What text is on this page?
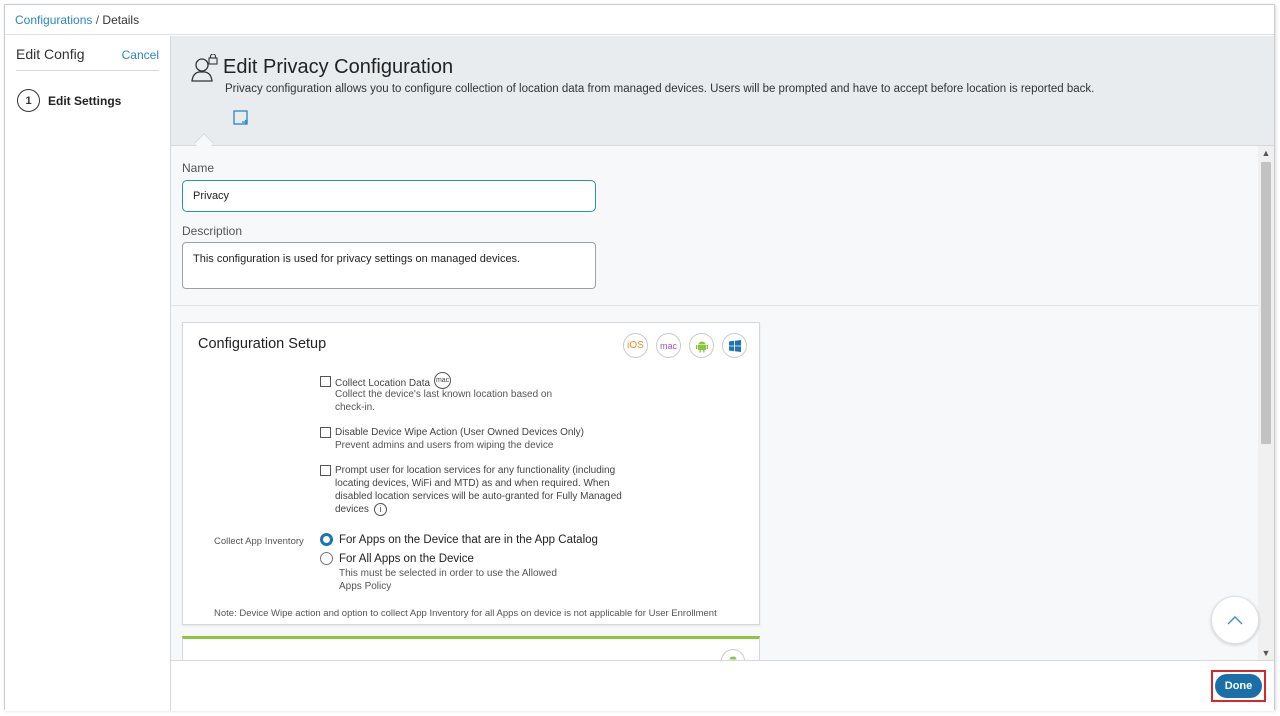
Configurations / Details
Edit Config	Cancel
1	Edit Settings
Edit Privacy Configuration
Privacy configuration allows you to configure collection of location data from managed devices. Users will be prompted and have to accept before location is reported back.
Name
Privacy
Description
This configuration is used for privacy settings on managed devices.
Configuration Setup	iOS	mac
Collect Location Data mac
Collect the device's last known location based on
check-in.
Disable Device Wipe Action (User Owned Devices Only)
Prevent admins and users from wiping the device
Prompt user for location services for any functionality (including
locating devices, WiFi and MTD) as and when required. When
disabled location services will be auto-granted for Fully Managed
devices i
Collect App Inventory	For Apps on the Device that are in the App Catalog
For All Apps on the Device
This must be selected in order to use the Allowed
Apps Policy
Note: Device Wipe action and option to collect App Inventory for all Apps on device is not applicable for User Enrollment
▲
▼
Done
